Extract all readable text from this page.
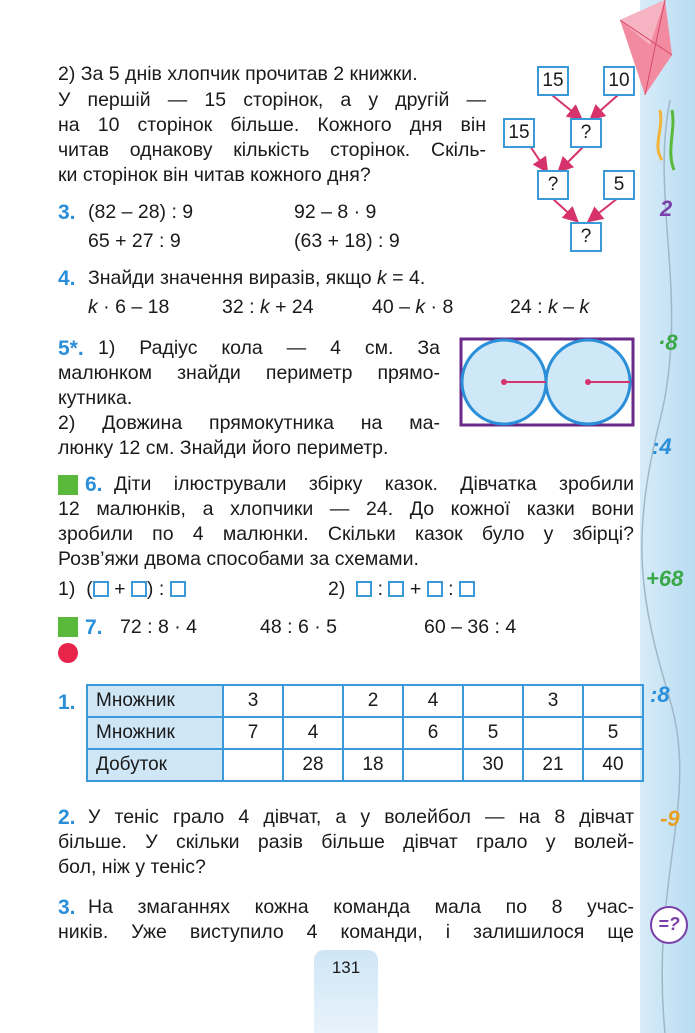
2
·8
:4
+68
:8
-9
=?
2) За 5 днів хлопчик прочитав 2 книжки.
У першій — 15 сторінок, а у другій —
на 10 сторінок більше. Кожного дня він
читав однакову кількість сторінок. Скіль-
ки сторінок він читав кожного дня?
15 10
15	?
?	5
?
3. (82 – 28) : 9	92 – 8 · 9
65 + 27 : 9	(63 + 18) : 9
4. Знайди значення виразів, якщо k = 4.
k · 6 – 18	32 : k + 24	40 – k · 8	24 : k – k
5*. 1) Радіус кола — 4 см. За
малюнком знайди периметр прямо-
кутника.
2) Довжина прямокутника на ма-
люнку 12 см. Знайди його периметр.
6. Діти ілюстрували збірку казок. Дівчатка зробили
12 малюнків, а хлопчики — 24. До кожної казки вони
зробили по 4 малюнки. Скільки казок було у збірці?
Розв’яжи двома способами за схемами.
1) ( + ) :	2)   :  +  :
7. 72 : 8 · 4	48 : 6 · 5	60 – 36 : 4
1. Множник	3		2	4		3	
Множник	7	4		6	5		5
Добуток		28	18		30	21	40
2. У теніс грало 4 дівчат, а у волейбол — на 8 дівчат
більше. У скільки разів більше дівчат грало у волей-
бол, ніж у теніс?
3. На змаганнях кожна команда мала по 8 учас-
ників. Уже виступило 4 команди, і залишилося ще
131
